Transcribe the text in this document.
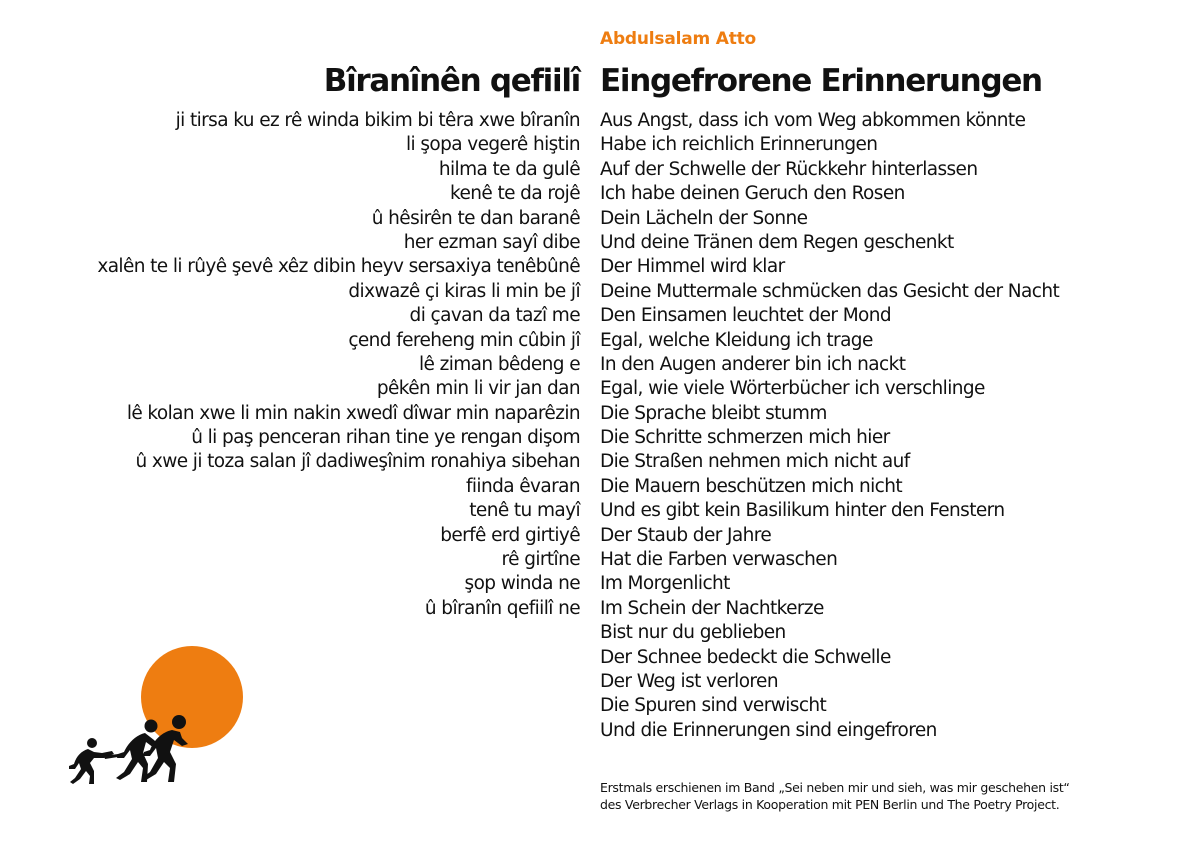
Abdulsalam Atto
Bîranînên qefiilî Eingefrorene Erinnerungen
ji tirsa ku ez rê winda bikim bi têra xwe bîranîn
li şopa vegerê hiştin
hilma te da gulê
kenê te da rojê
û hêsirên te dan baranê
her ezman sayî dibe
xalên te li rûyê şevê xêz dibin heyv sersaxiya tenêbûnê
dixwazê çi kiras li min be jî
di çavan da tazî me
çend fereheng min cûbin jî
lê ziman bêdeng e
pêkên min li vir jan dan
lê kolan xwe li min nakin xwedî dîwar min naparêzin
û li paş penceran rihan tine ye rengan dişom
û xwe ji toza salan jî dadiweşînim ronahiya sibehan
fiinda êvaran
tenê tu mayî
berfê erd girtiyê
rê girtîne
şop winda ne
û bîranîn qefiilî ne
Aus Angst, dass ich vom Weg abkommen könnte
Habe ich reichlich Erinnerungen
Auf der Schwelle der Rückkehr hinterlassen
Ich habe deinen Geruch den Rosen
Dein Lächeln der Sonne
Und deine Tränen dem Regen geschenkt
Der Himmel wird klar
Deine Muttermale schmücken das Gesicht der Nacht
Den Einsamen leuchtet der Mond
Egal, welche Kleidung ich trage
In den Augen anderer bin ich nackt
Egal, wie viele Wörterbücher ich verschlinge
Die Sprache bleibt stumm
Die Schritte schmerzen mich hier
Die Straßen nehmen mich nicht auf
Die Mauern beschützen mich nicht
Und es gibt kein Basilikum hinter den Fenstern
Der Staub der Jahre
Hat die Farben verwaschen
Im Morgenlicht
Im Schein der Nachtkerze
Bist nur du geblieben
Der Schnee bedeckt die Schwelle
Der Weg ist verloren
Die Spuren sind verwischt
Und die Erinnerungen sind eingefroren
Erstmals erschienen im Band „Sei neben mir und sieh, was mir geschehen ist“
des Verbrecher Verlags in Kooperation mit PEN Berlin und The Poetry Project.
